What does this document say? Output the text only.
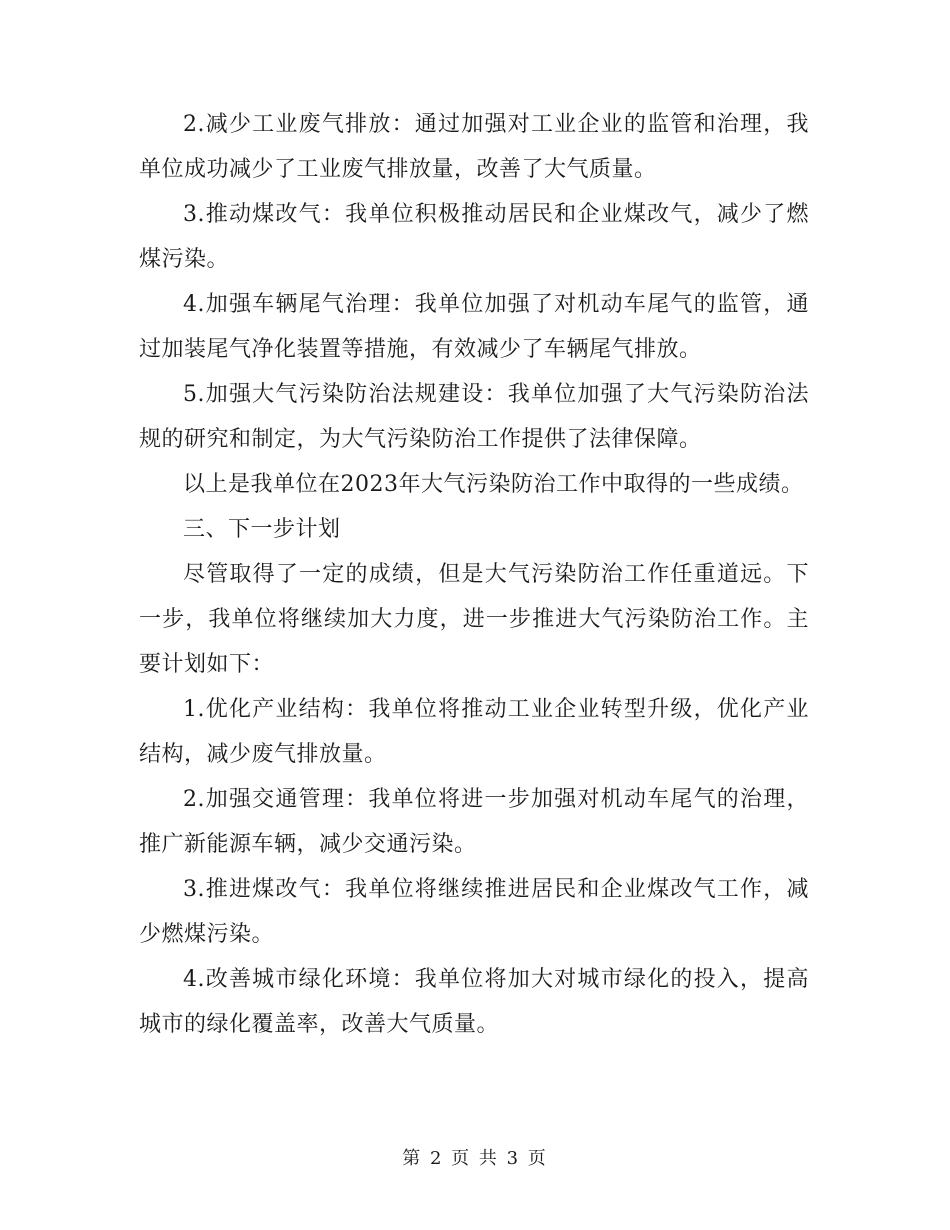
2.减少工业废气排放：通过加强对工业企业的监管和治理，我单位成功减少了工业废气排放量，改善了大气质量。

3.推动煤改气：我单位积极推动居民和企业煤改气，减少了燃煤污染。

4.加强车辆尾气治理：我单位加强了对机动车尾气的监管，通过加装尾气净化装置等措施，有效减少了车辆尾气排放。

5.加强大气污染防治法规建设：我单位加强了大气污染防治法规的研究和制定，为大气污染防治工作提供了法律保障。

以上是我单位在2023年大气污染防治工作中取得的一些成绩。

三、下一步计划

尽管取得了一定的成绩，但是大气污染防治工作任重道远。下一步，我单位将继续加大力度，进一步推进大气污染防治工作。主要计划如下：

1.优化产业结构：我单位将推动工业企业转型升级，优化产业结构，减少废气排放量。

2.加强交通管理：我单位将进一步加强对机动车尾气的治理，推广新能源车辆，减少交通污染。

3.推进煤改气：我单位将继续推进居民和企业煤改气工作，减少燃煤污染。

4.改善城市绿化环境：我单位将加大对城市绿化的投入，提高城市的绿化覆盖率，改善大气质量。

第 2 页 共 3 页
